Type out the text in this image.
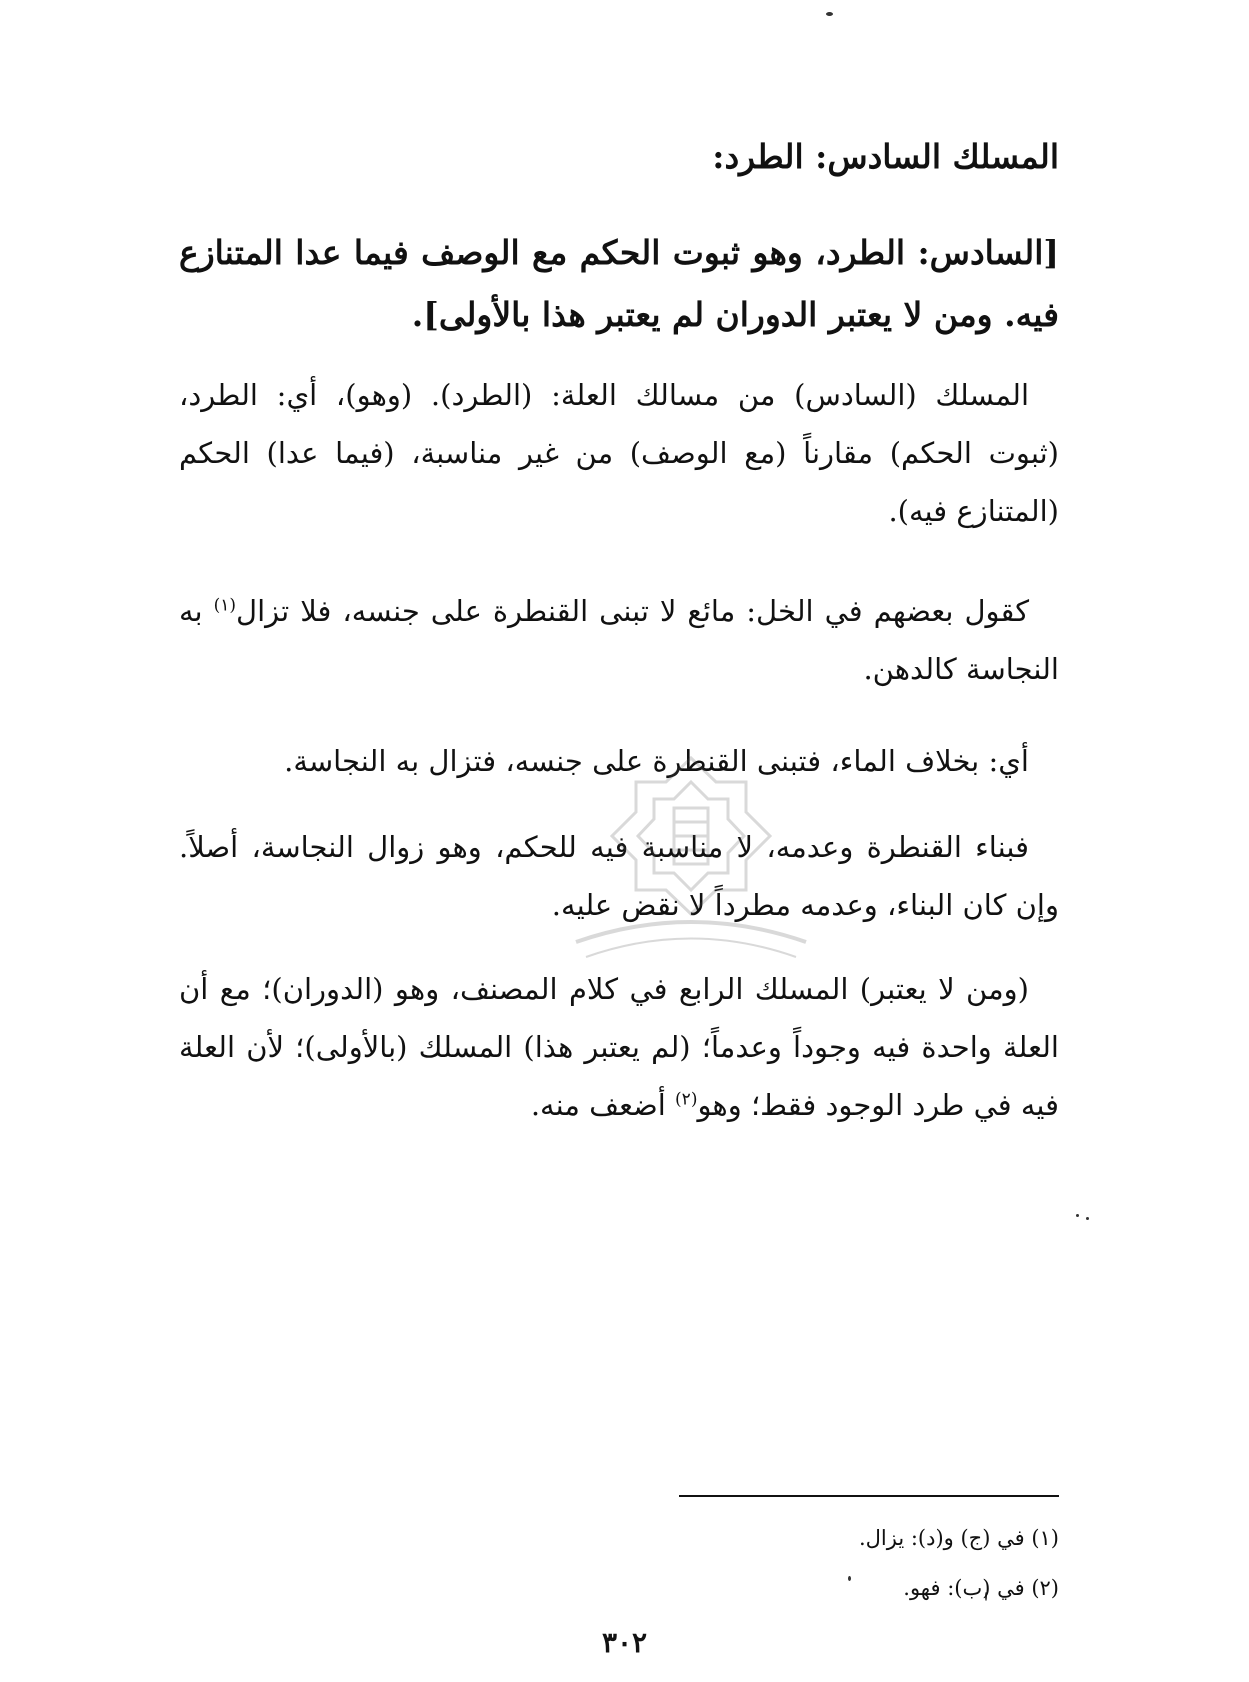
المسلك السادس: الطرد:
[السادس: الطرد، وهو ثبوت الحكم مع الوصف فيما عدا المتنازع فيه. ومن لا يعتبر الدوران لم يعتبر هذا بالأولى].
المسلك (السادس) من مسالك العلة: (الطرد). (وهو)، أي: الطرد، (ثبوت الحكم) مقارناً (مع الوصف) من غير مناسبة، (فيما عدا) الحكم (المتنازع فيه).
كقول بعضهم في الخل: مائع لا تبنى القنطرة على جنسه، فلا تزال$^{(١)}$ به النجاسة كالدهن.
أي: بخلاف الماء، فتبنى القنطرة على جنسه، فتزال به النجاسة.
فبناء القنطرة وعدمه، لا مناسبة فيه للحكم، وهو زوال النجاسة، أصلاً. وإن كان البناء، وعدمه مطرداً لا نقض عليه.
(ومن لا يعتبر) المسلك الرابع في كلام المصنف، وهو (الدوران)؛ مع أن العلة واحدة فيه وجوداً وعدماً؛ (لم يعتبر هذا) المسلك (بالأولى)؛ لأن العلة فيه في طرد الوجود فقط؛ وهو$^{(٢)}$ أضعف منه.
(١) في (ج) و(د): يزال.
(٢) في (ب): فهو.
٣٠٢
